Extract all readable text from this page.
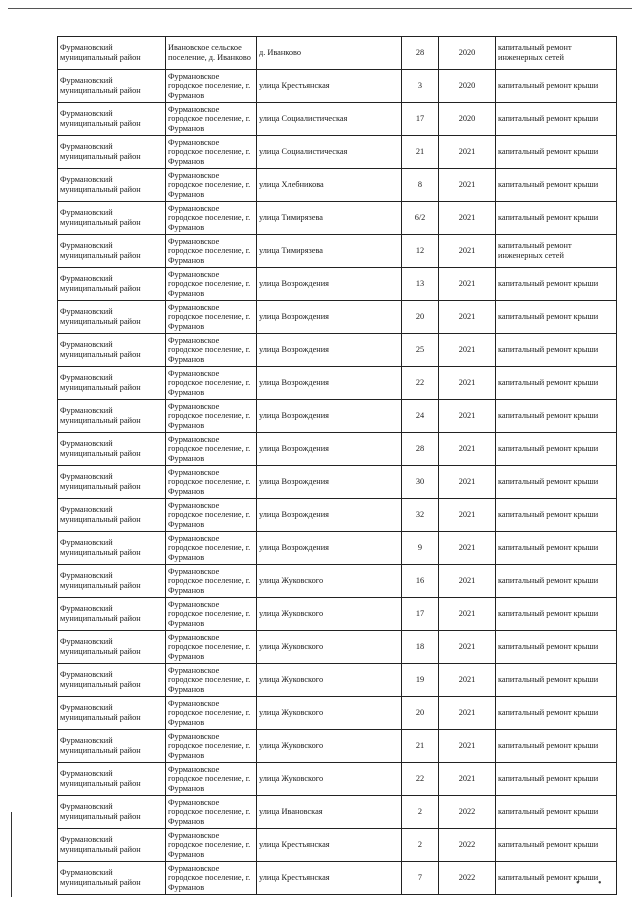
Фурмановский муниципальный район	Ивановское сельское поселение, д. Иванково	д. Иванково	28	2020	капитальный ремонт инженерных сетей
Фурмановский муниципальный район	Фурмановское городское поселение, г. Фурманов	улица Крестьянская	3	2020	капитальный ремонт крыши
Фурмановский муниципальный район	Фурмановское городское поселение, г. Фурманов	улица Социалистическая	17	2020	капитальный ремонт крыши
Фурмановский муниципальный район	Фурмановское городское поселение, г. Фурманов	улица Социалистическая	21	2021	капитальный ремонт крыши
Фурмановский муниципальный район	Фурмановское городское поселение, г. Фурманов	улица Хлебникова	8	2021	капитальный ремонт крыши
Фурмановский муниципальный район	Фурмановское городское поселение, г. Фурманов	улица Тимирязева	6/2	2021	капитальный ремонт крыши
Фурмановский муниципальный район	Фурмановское городское поселение, г. Фурманов	улица Тимирязева	12	2021	капитальный ремонт инженерных сетей
Фурмановский муниципальный район	Фурмановское городское поселение, г. Фурманов	улица Возрождения	13	2021	капитальный ремонт крыши
Фурмановский муниципальный район	Фурмановское городское поселение, г. Фурманов	улица Возрождения	20	2021	капитальный ремонт крыши
Фурмановский муниципальный район	Фурмановское городское поселение, г. Фурманов	улица Возрождения	25	2021	капитальный ремонт крыши
Фурмановский муниципальный район	Фурмановское городское поселение, г. Фурманов	улица Возрождения	22	2021	капитальный ремонт крыши
Фурмановский муниципальный район	Фурмановское городское поселение, г. Фурманов	улица Возрождения	24	2021	капитальный ремонт крыши
Фурмановский муниципальный район	Фурмановское городское поселение, г. Фурманов	улица Возрождения	28	2021	капитальный ремонт крыши
Фурмановский муниципальный район	Фурмановское городское поселение, г. Фурманов	улица Возрождения	30	2021	капитальный ремонт крыши
Фурмановский муниципальный район	Фурмановское городское поселение, г. Фурманов	улица Возрождения	32	2021	капитальный ремонт крыши
Фурмановский муниципальный район	Фурмановское городское поселение, г. Фурманов	улица Возрождения	9	2021	капитальный ремонт крыши
Фурмановский муниципальный район	Фурмановское городское поселение, г. Фурманов	улица Жуковского	16	2021	капитальный ремонт крыши
Фурмановский муниципальный район	Фурмановское городское поселение, г. Фурманов	улица Жуковского	17	2021	капитальный ремонт крыши
Фурмановский муниципальный район	Фурмановское городское поселение, г. Фурманов	улица Жуковского	18	2021	капитальный ремонт крыши
Фурмановский муниципальный район	Фурмановское городское поселение, г. Фурманов	улица Жуковского	19	2021	капитальный ремонт крыши
Фурмановский муниципальный район	Фурмановское городское поселение, г. Фурманов	улица Жуковского	20	2021	капитальный ремонт крыши
Фурмановский муниципальный район	Фурмановское городское поселение, г. Фурманов	улица Жуковского	21	2021	капитальный ремонт крыши
Фурмановский муниципальный район	Фурмановское городское поселение, г. Фурманов	улица Жуковского	22	2021	капитальный ремонт крыши
Фурмановский муниципальный район	Фурмановское городское поселение, г. Фурманов	улица Ивановская	2	2022	капитальный ремонт крыши
Фурмановский муниципальный район	Фурмановское городское поселение, г. Фурманов	улица Крестьянская	2	2022	капитальный ремонт крыши
Фурмановский муниципальный район	Фурмановское городское поселение, г. Фурманов	улица Крестьянская	7	2022	капитальный ремонт крыши
• •
